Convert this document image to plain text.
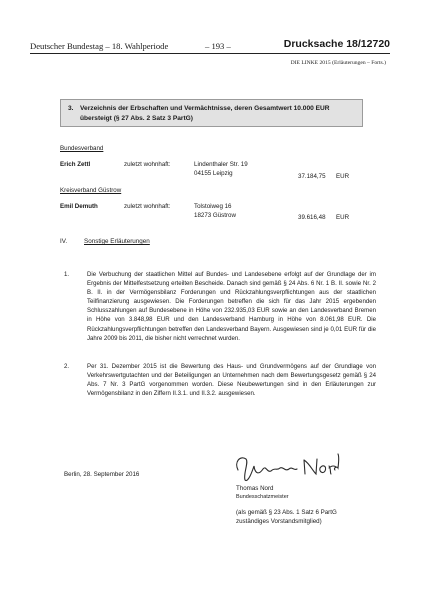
Deutscher Bundestag – 18. Wahlperiode	– 193 –	Drucksache 18/12720
DIE LINKE 2015 (Erläuterungen – Forts.)
3. Verzeichnis der Erbschaften und Vermächtnisse, deren Gesamtwert 10.000 EUR übersteigt (§ 27 Abs. 2 Satz 3 PartG)
Bundesverband
Erich Zettl	zuletzt wohnhaft:	Lindenthaler Str. 19
04155 Leipzig	37.184,75 EUR
Kreisverband Güstrow
Emil Demuth	zuletzt wohnhaft:	Tolstoiweg 16
18273 Güstrow	39.616,48 EUR
IV.	Sonstige Erläuterungen
1.	Die Verbuchung der staatlichen Mittel auf Bundes- und Landesebene erfolgt auf der Grundlage der im Ergebnis der Mittelfestsetzung erteilten Bescheide. Danach sind gemäß § 24 Abs. 6 Nr. 1 B. II. sowie Nr. 2 B. II. in der Vermögensbilanz Forderungen und Rückzahlungsverpflichtungen aus der staatlichen Teilfinanzierung ausgewiesen. Die Forderungen betreffen die sich für das Jahr 2015 ergebenden Schlusszahlungen auf Bundesebene in Höhe von 232.935,03 EUR sowie an den Landesverband Bremen in Höhe von 3.848,98 EUR und den Landesverband Hamburg in Höhe von 8.061,98 EUR. Die Rückzahlungsverpflichtungen betreffen den Landesverband Bayern. Ausgewiesen sind je 0,01 EUR für die Jahre 2009 bis 2011, die bisher nicht verrechnet wurden.
2.	Per 31. Dezember 2015 ist die Bewertung des Haus- und Grundvermögens auf der Grundlage von Verkehrswertgutachten und der Beteiligungen an Unternehmen nach dem Bewertungsgesetz gemäß § 24 Abs. 7 Nr. 3 PartG vorgenommen worden. Diese Neubewertungen sind in den Erläuterungen zur Vermögensbilanz in den Ziffern II.3.1. und II.3.2. ausgewiesen.
Berlin, 28. September 2016
Thomas Nord
Bundesschatzmeister
(als gemäß § 23 Abs. 1 Satz 6 PartG
zuständiges Vorstandsmitglied)
